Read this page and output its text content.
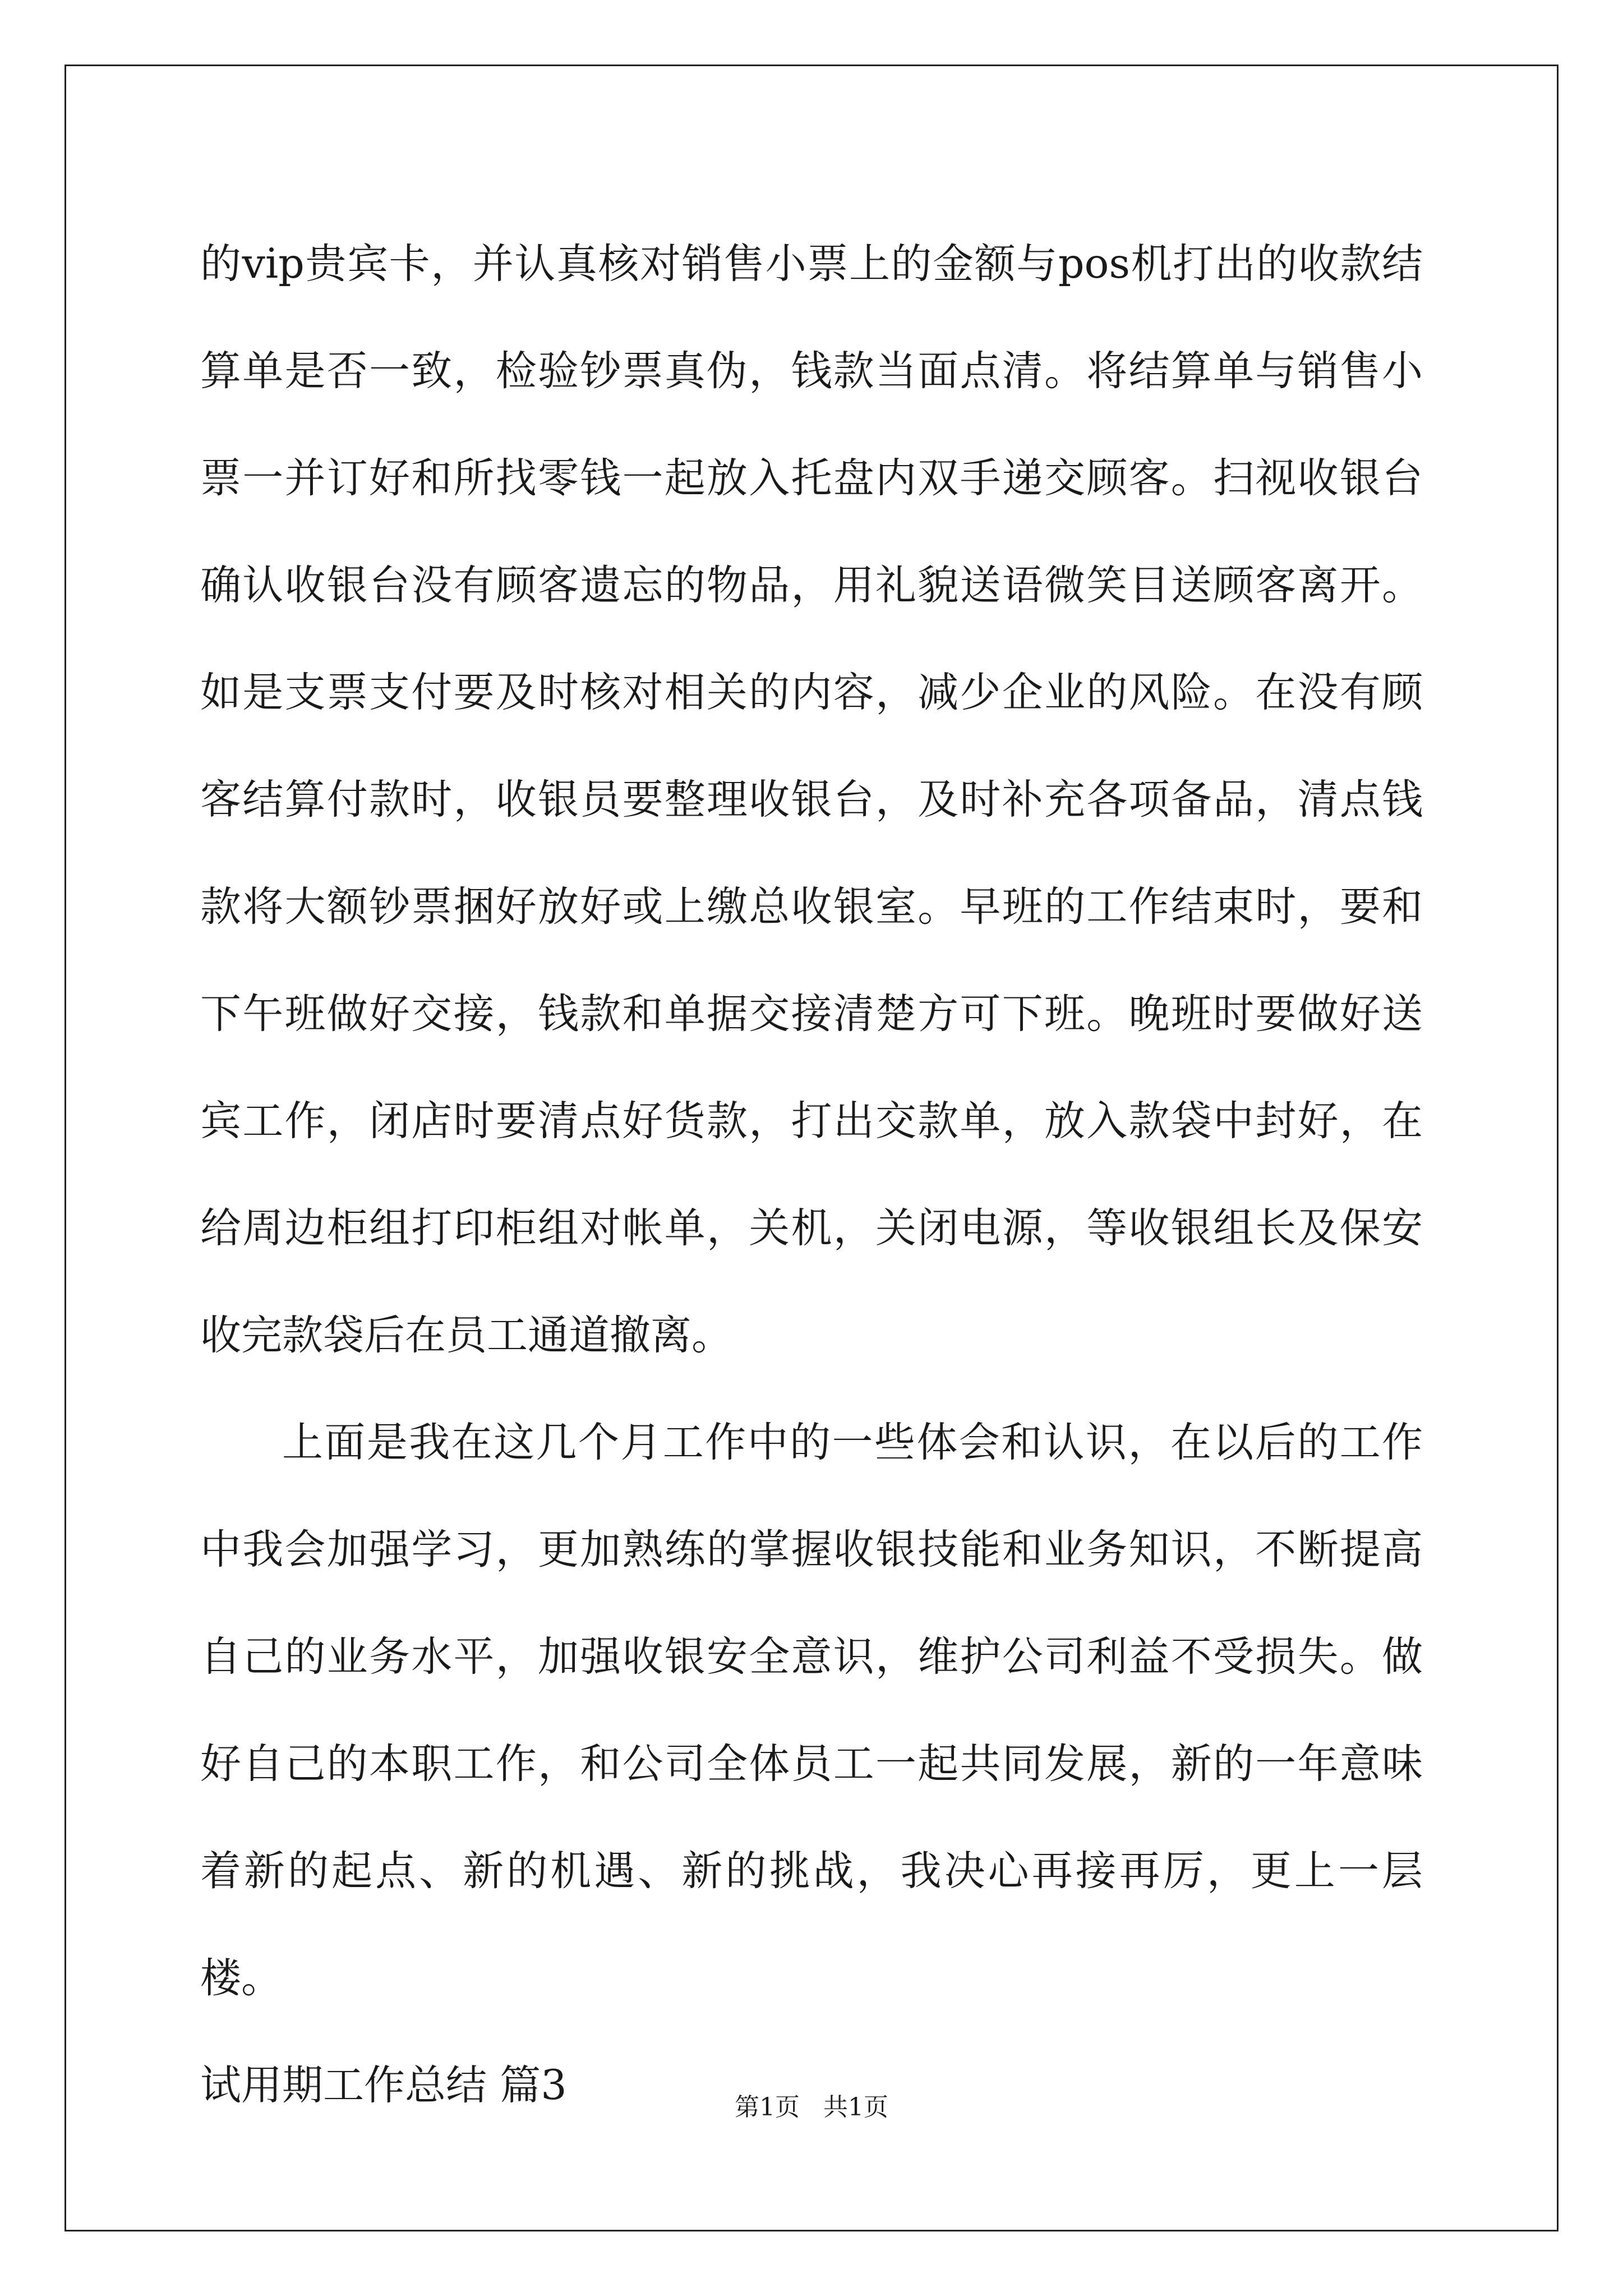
的vip贵宾卡，并认真核对销售小票上的金额与pos机打出的收款结算单是否一致，检验钞票真伪，钱款当面点清。将结算单与销售小票一并订好和所找零钱一起放入托盘内双手递交顾客。扫视收银台确认收银台没有顾客遗忘的物品，用礼貌送语微笑目送顾客离开。如是支票支付要及时核对相关的内容，减少企业的风险。在没有顾客结算付款时，收银员要整理收银台，及时补充各项备品，清点钱款将大额钞票捆好放好或上缴总收银室。早班的工作结束时，要和下午班做好交接，钱款和单据交接清楚方可下班。晚班时要做好送宾工作，闭店时要清点好货款，打出交款单，放入款袋中封好，在给周边柜组打印柜组对帐单，关机，关闭电源，等收银组长及保安收完款袋后在员工通道撤离。

上面是我在这几个月工作中的一些体会和认识，在以后的工作中我会加强学习，更加熟练的掌握收银技能和业务知识，不断提高自己的业务水平，加强收银安全意识，维护公司利益不受损失。做好自己的本职工作，和公司全体员工一起共同发展，新的一年意味着新的起点、新的机遇、新的挑战，我决心再接再厉，更上一层楼。

试用期工作总结 篇3	第1页   共1页
